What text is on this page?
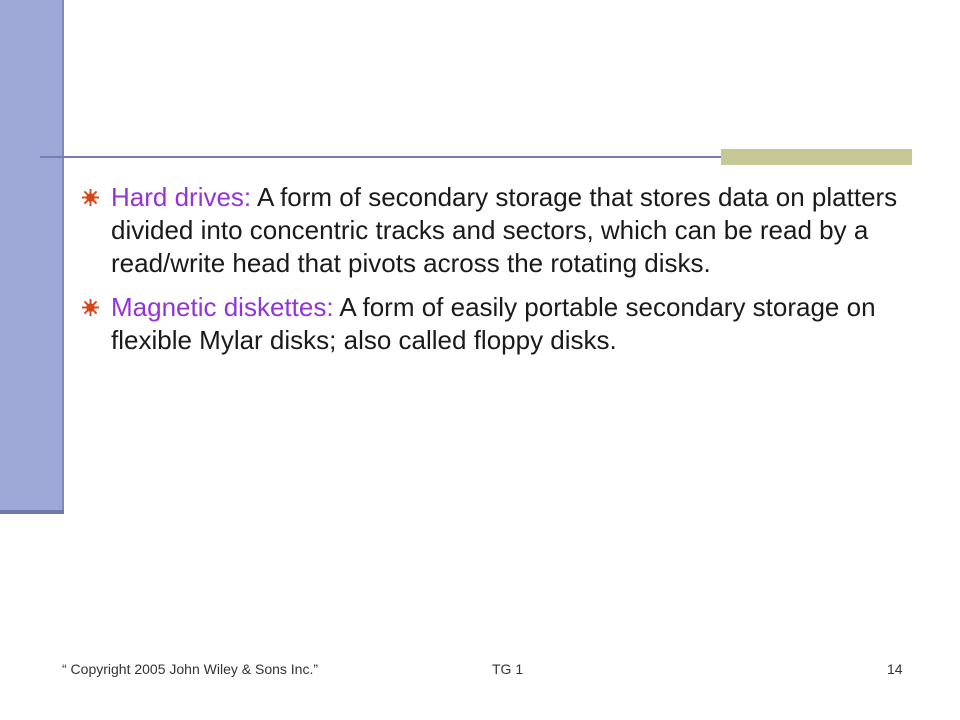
Hard drives: A form of secondary storage that stores data on platters divided into concentric tracks and sectors, which can be read by a read/write head that pivots across the rotating disks.
Magnetic diskettes: A form of easily portable secondary storage on flexible Mylar disks; also called floppy disks.
“ Copyright 2005 John Wiley & Sons Inc.”	TG 1	14
